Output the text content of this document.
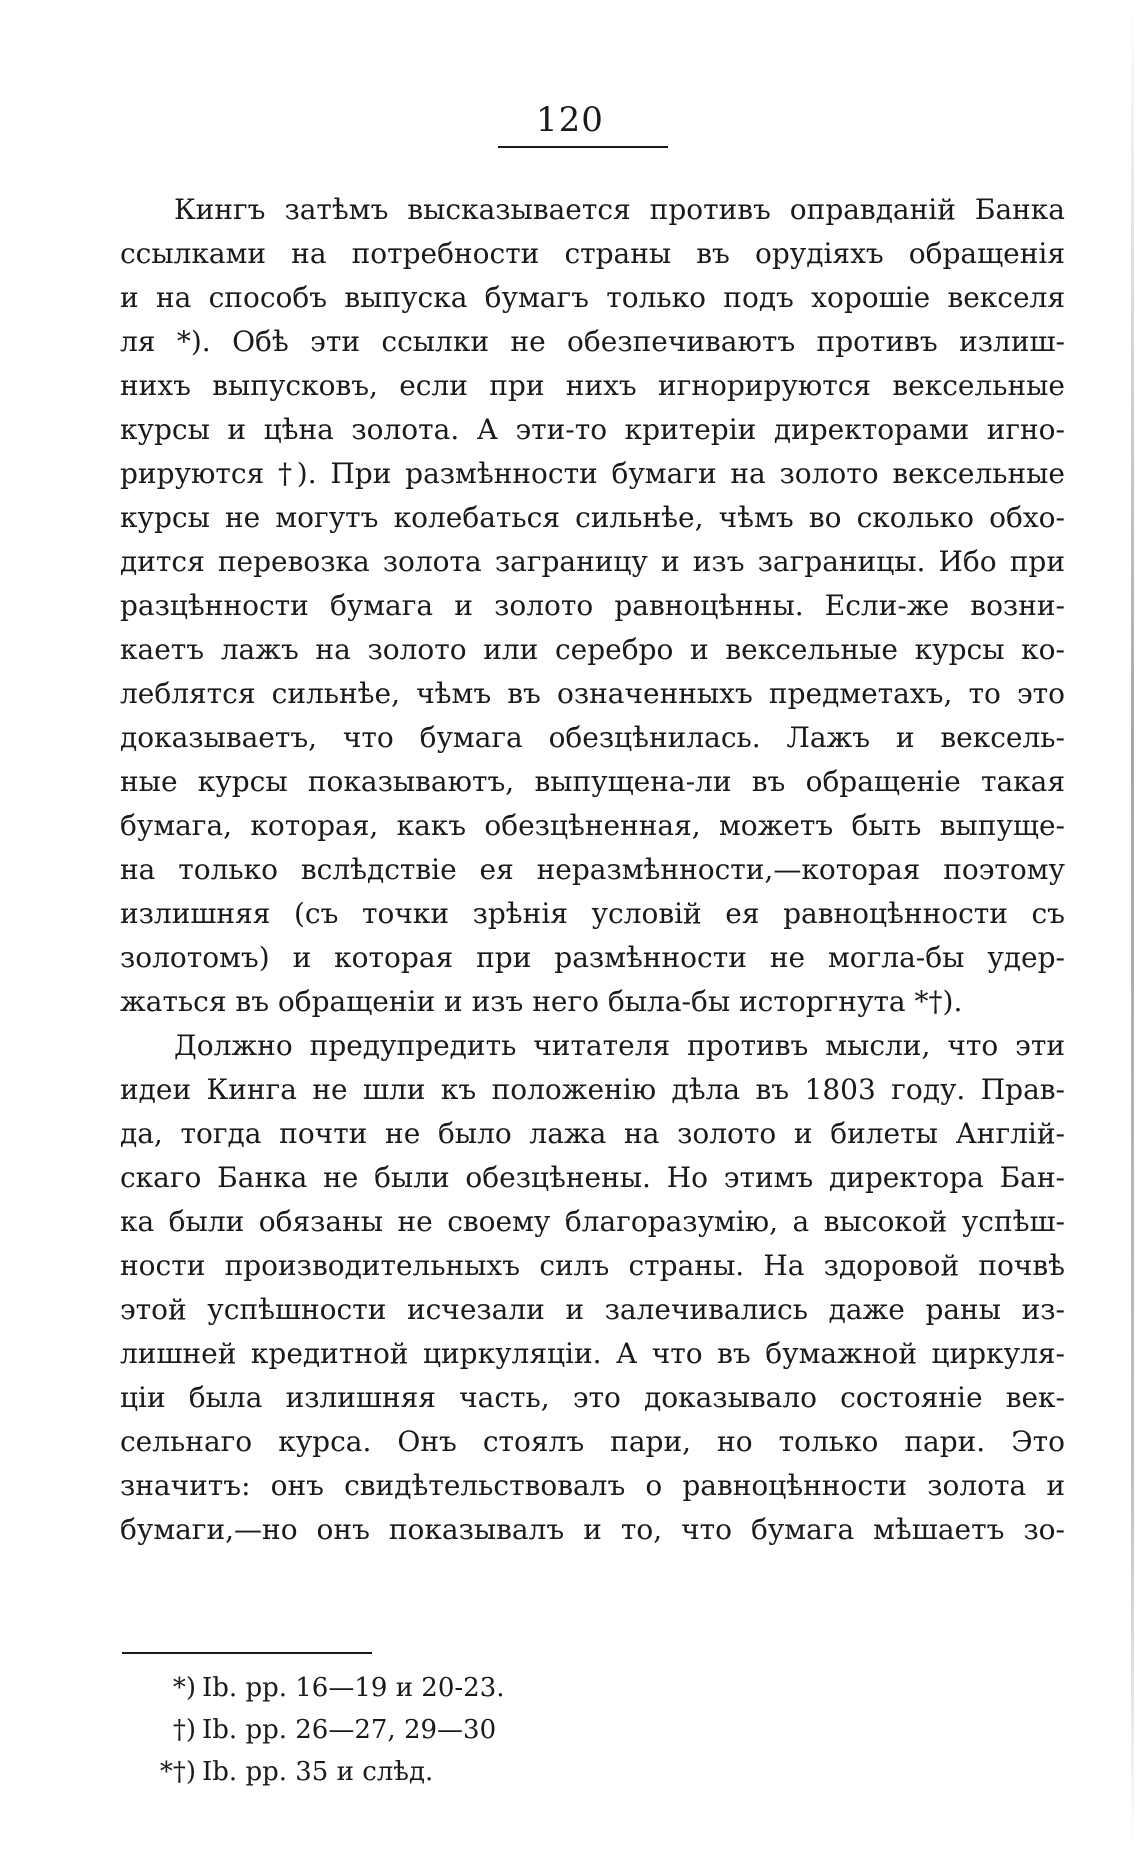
120
Кингъ затѣмъ высказывается противъ оправданій Банка
ссылками на потребности страны въ орудіяхъ обращенія
и на способъ выпуска бумагъ только подъ хорошіе векселя
ля *). Обѣ эти ссылки не обезпечиваютъ противъ излиш-
нихъ выпусковъ, если при нихъ игнорируются вексельные
курсы и цѣна золота. А эти-то критеріи директорами игно-
рируются †). При размѣнности бумаги на золото вексельные
курсы не могутъ колебаться сильнѣе, чѣмъ во сколько обхо-
дится перевозка золота заграницу и изъ заграницы. Ибо при
разцѣнности бумага и золото равноцѣнны. Если-же возни-
каетъ лажъ на золото или серебро и вексельные курсы ко-
леблятся сильнѣе, чѣмъ въ означенныхъ предметахъ, то это
доказываетъ, что бумага обезцѣнилась. Лажъ и вексель-
ные курсы показываютъ, выпущена-ли въ обращеніе такая
бумага, которая, какъ обезцѣненная, можетъ быть выпуще-
на только вслѣдствіе ея неразмѣнности,—которая поэтому
излишняя (съ точки зрѣнія условій ея равноцѣнности съ
золотомъ) и которая при размѣнности не могла-бы удер-
жаться въ обращеніи и изъ него была-бы исторгнута *†).
Должно предупредить читателя противъ мысли, что эти
идеи Кинга не шли къ положенію дѣла въ 1803 году. Прав-
да, тогда почти не было лажа на золото и билеты Англій-
скаго Банка не были обезцѣнены. Но этимъ директора Бан-
ка были обязаны не своему благоразумію, а высокой успѣш-
ности производительныхъ силъ страны. На здоровой почвѣ
этой успѣшности исчезали и залечивались даже раны из-
лишней кредитной циркуляціи. А что въ бумажной циркуля-
ціи была излишняя часть, это доказывало состояніе век-
сельнаго курса. Онъ стоялъ пари, но только пари. Это
значитъ: онъ свидѣтельствовалъ о равноцѣнности золота и
бумаги,—но онъ показывалъ и то, что бумага мѣшаетъ зо-
*) Ib. pp. 16—19 и 20-23.
†) Ib. pp. 26—27, 29—30
*†) Ib. pp. 35 и слѣд.
